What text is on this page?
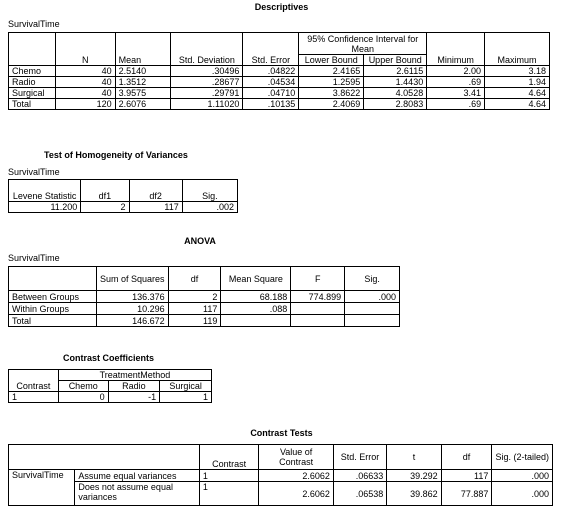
Descriptives
SurvivalTime
	N	Mean	Std. Deviation	Std. Error	95% Confidence Interval for Mean		Minimum	Maximum
					Lower Bound	Upper Bound		
Chemo	40	2.5140	.30496	.04822	2.4165	2.6115	2.00	3.18
Radio	40	1.3512	.28677	.04534	1.2595	1.4430	.69	1.94
Surgical	40	3.9575	.29791	.04710	3.8622	4.0528	3.41	4.64
Total	120	2.6076	1.11020	.10135	2.4069	2.8083	.69	4.64
Test of Homogeneity of Variances
SurvivalTime
Levene Statistic	df1	df2	Sig.
11.200	2	117	.002
ANOVA
SurvivalTime
	Sum of Squares	df	Mean Square	F	Sig.
Between Groups	136.376	2	68.188	774.899	.000
Within Groups	10.296	117	.088		
Total	146.672	119			
Contrast Coefficients
Contrast	TreatmentMethod		
	Chemo	Radio	Surgical
1	0	-1	1
Contrast Tests
		Contrast	Value of Contrast	Std. Error	t	df	Sig. (2-tailed)
SurvivalTime	Assume equal variances	1	2.6062	.06633	39.292	117	.000
	Does not assume equal variances	1	2.6062	.06538	39.862	77.887	.000
